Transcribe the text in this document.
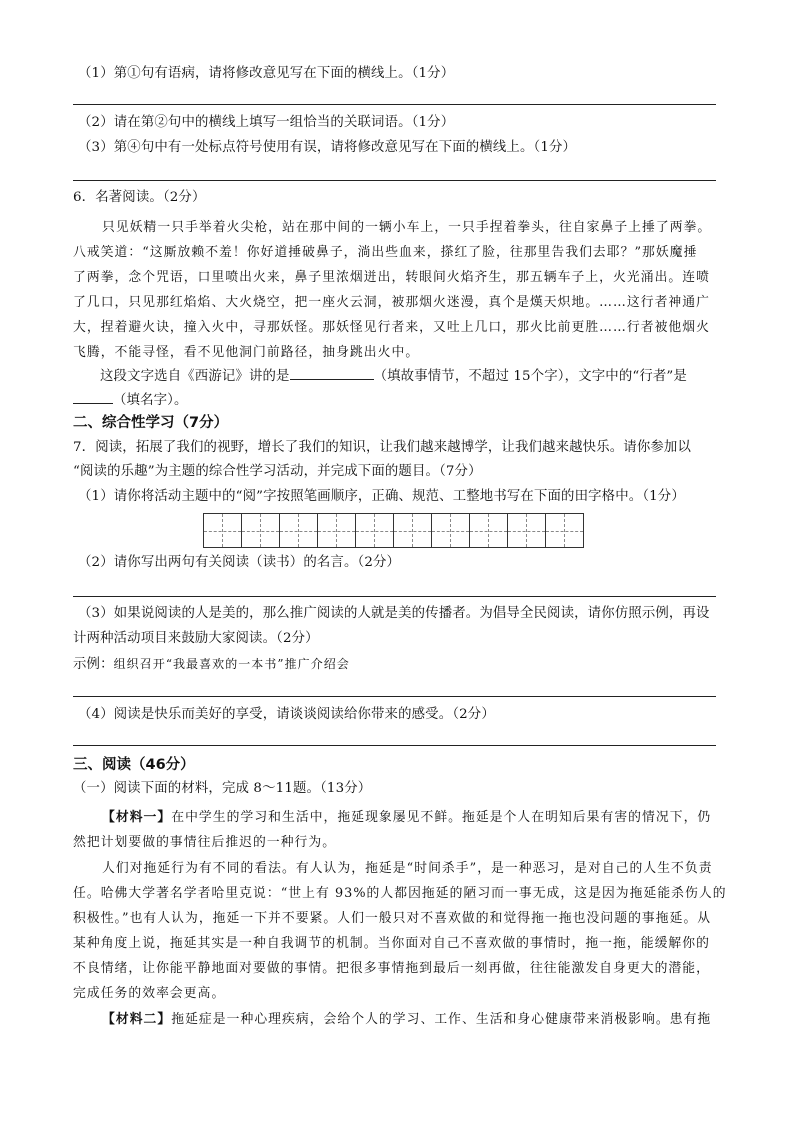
（1）第①句有语病，请将修改意见写在下面的横线上。（1分）
（2）请在第②句中的横线上填写一组恰当的关联词语。（1分）
（3）第④句中有一处标点符号使用有误，请将修改意见写在下面的横线上。（1分）
6．名著阅读。（2分）
只见妖精一只手举着火尖枪，站在那中间的一辆小车上，一只手捏着拳头，往自家鼻子上捶了两拳。
八戒笑道：“这厮放赖不羞！你好道捶破鼻子，淌出些血来，搽红了脸，往那里告我们去耶？”那妖魔捶
了两拳，念个咒语，口里喷出火来，鼻子里浓烟迸出，转眼间火焰齐生，那五辆车子上，火光涌出。连喷
了几口，只见那红焰焰、大火烧空，把一座火云洞，被那烟火迷漫，真个是熯天炽地。……这行者神通广
大，捏着避火诀，撞入火中，寻那妖怪。那妖怪见行者来，又吐上几口，那火比前更胜……行者被他烟火
飞腾，不能寻怪，看不见他洞门前路径，抽身跳出火中。
这段文字选自《西游记》讲的是	（填故事情节，不超过 15个字），文字中的“行者”是
（填名字）。
二、综合性学习（7分）
7．阅读，拓展了我们的视野，增长了我们的知识，让我们越来越博学，让我们越来越快乐。请你参加以
“阅读的乐趣”为主题的综合性学习活动，并完成下面的题目。（7分）
（1）请你将活动主题中的“阅”字按照笔画顺序，正确、规范、工整地书写在下面的田字格中。（1分）
（2）请你写出两句有关阅读（读书）的名言。（2分）
（3）如果说阅读的人是美的，那么推广阅读的人就是美的传播者。为倡导全民阅读，请你仿照示例，再设
计两种活动项目来鼓励大家阅读。（2分）
示例：组织召开“我最喜欢的一本书”推广介绍会
（4）阅读是快乐而美好的享受，请谈谈阅读给你带来的感受。（2分）
三、阅读（46分）
（一）阅读下面的材料，完成 8～11题。（13分）
【材料一】在中学生的学习和生活中，拖延现象屡见不鲜。拖延是个人在明知后果有害的情况下，仍
然把计划要做的事情往后推迟的一种行为。
人们对拖延行为有不同的看法。有人认为，拖延是“时间杀手”，是一种恶习，是对自己的人生不负责
任。哈佛大学著名学者哈里克说：“世上有 93%的人都因拖延的陋习而一事无成，这是因为拖延能杀伤人的
积极性。”也有人认为，拖延一下并不要紧。人们一般只对不喜欢做的和觉得拖一拖也没问题的事拖延。从
某种角度上说，拖延其实是一种自我调节的机制。当你面对自己不喜欢做的事情时，拖一拖，能缓解你的
不良情绪，让你能平静地面对要做的事情。把很多事情拖到最后一刻再做，往往能激发自身更大的潜能，
完成任务的效率会更高。
【材料二】拖延症是一种心理疾病，会给个人的学习、工作、生活和身心健康带来消极影响。患有拖
